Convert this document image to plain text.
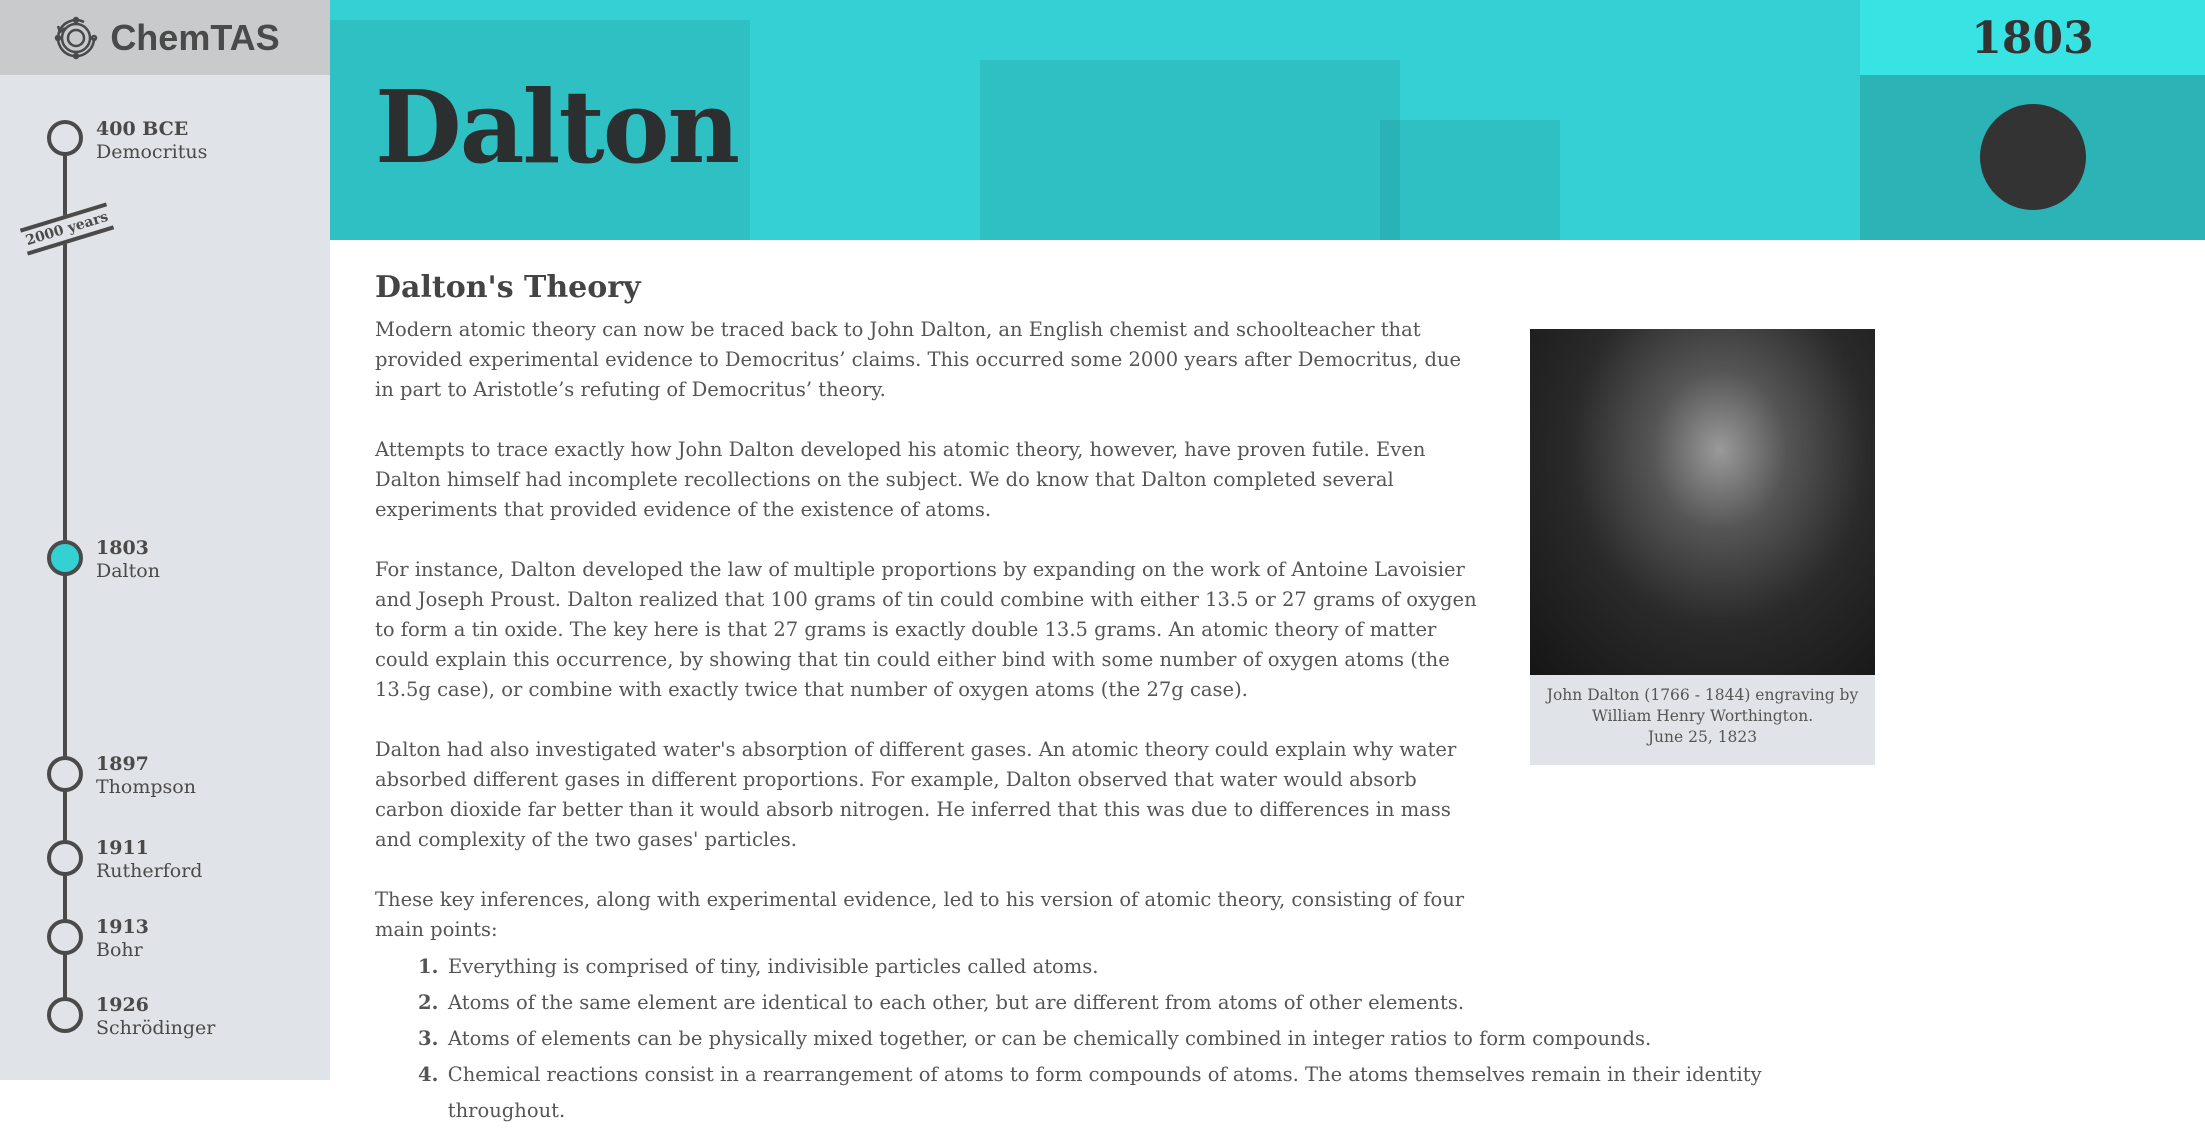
ChemTAS
2000 years
400 BCE
Democritus
1803
Dalton
1897
Thompson
1911
Rutherford
1913
Bohr
1926
Schrödinger
Dalton
1803
Dalton's Theory

Modern atomic theory can now be traced back to John Dalton, an English chemist and schoolteacher that provided experimental evidence to Democritus’ claims. This occurred some 2000 years after Democritus, due in part to Aristotle’s refuting of Democritus’ theory.

Attempts to trace exactly how John Dalton developed his atomic theory, however, have proven futile. Even Dalton himself had incomplete recollections on the subject. We do know that Dalton completed several experiments that provided evidence of the existence of atoms.

For instance, Dalton developed the law of multiple proportions by expanding on the work of Antoine Lavoisier and Joseph Proust. Dalton realized that 100 grams of tin could combine with either 13.5 or 27 grams of oxygen to form a tin oxide. The key here is that 27 grams is exactly double 13.5 grams. An atomic theory of matter could explain this occurrence, by showing that tin could either bind with some number of oxygen atoms (the 13.5g case), or combine with exactly twice that number of oxygen atoms (the 27g case).

Dalton had also investigated water's absorption of different gases. An atomic theory could explain why water absorbed different gases in different proportions. For example, Dalton observed that water would absorb carbon dioxide far better than it would absorb nitrogen. He inferred that this was due to differences in mass and complexity of the two gases' particles.

These key inferences, along with experimental evidence, led to his version of atomic theory, consisting of four main points:

1. Everything is comprised of tiny, indivisible particles called atoms.
2. Atoms of the same element are identical to each other, but are different from atoms of other elements.
3. Atoms of elements can be physically mixed together, or can be chemically combined in integer ratios to form compounds.
4. Chemical reactions consist in a rearrangement of atoms to form compounds of atoms. The atoms themselves remain in their identity throughout.
John Dalton (1766 - 1844) engraving by
William Henry Worthington.
June 25, 1823
